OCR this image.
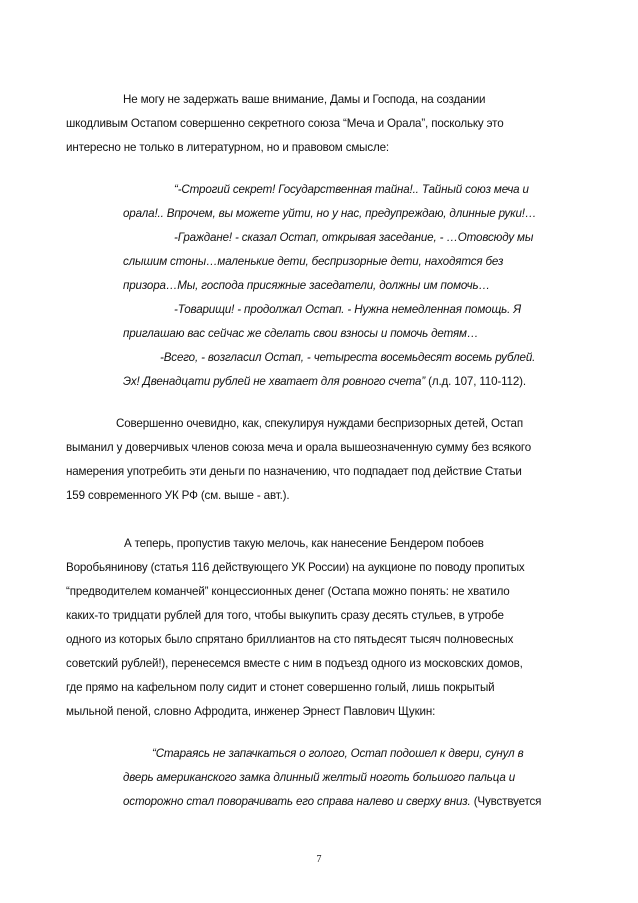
Не могу не задержать ваше внимание, Дамы и Господа, на создании
шкодливым Остапом совершенно секретного союза “Меча и Орала”, поскольку это
интересно не только в литературном, но и правовом смысле:
“-Строгий секрет! Государственная тайна!.. Тайный союз меча и
орала!.. Впрочем, вы можете уйти, но у нас, предупреждаю, длинные руки!…
-Граждане! - сказал Остап, открывая заседание, - …Отовсюду мы
слышим стоны…маленькие дети, беспризорные дети, находятся без
призора…Мы, господа присяжные заседатели, должны им помочь…
-Товарищи! - продолжал Остап. - Нужна немедленная помощь. Я
приглашаю вас сейчас же сделать свои взносы и помочь детям…
-Всего, - возгласил Остап, - четыреста восемьдесят восемь рублей.
Эх! Двенадцати рублей не хватает для ровного счета” (л.д. 107, 110-112).
Совершенно очевидно, как, спекулируя нуждами беспризорных детей, Остап
выманил у доверчивых членов союза меча и орала вышеозначенную сумму без всякого
намерения употребить эти деньги по назначению, что подпадает под действие Статьи
159 современного УК РФ (см. выше - авт.).
А теперь, пропустив такую мелочь, как нанесение Бендером побоев
Воробьянинову (статья 116 действующего УК России) на аукционе по поводу пропитых
“предводителем команчей” концессионных денег (Остапа можно понять: не хватило
каких-то тридцати рублей для того, чтобы выкупить сразу десять стульев, в утробе
одного из которых было спрятано бриллиантов на сто пятьдесят тысяч полновесных
советский рублей!), перенесемся вместе с ним в подъезд одного из московских домов,
где прямо на кафельном полу сидит и стонет совершенно голый, лишь покрытый
мыльной пеной, словно Афродита, инженер Эрнест Павлович Щукин:
“Стараясь не запачкаться о голого, Остап подошел к двери, сунул в
дверь американского замка длинный желтый ноготь большого пальца и
осторожно стал поворачивать его справа налево и сверху вниз. (Чувствуется
7
